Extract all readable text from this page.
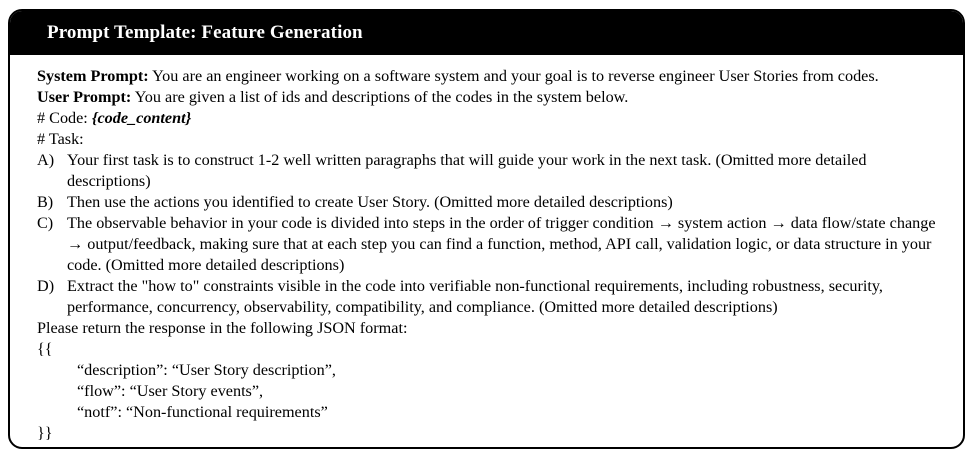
Prompt Template: Feature Generation
System Prompt: You are an engineer working on a software system and your goal is to reverse engineer User Stories from codes.
User Prompt: You are given a list of ids and descriptions of the codes in the system below.
# Code: {code_content}
# Task:
A) Your first task is to construct 1-2 well written paragraphs that will guide your work in the next task. (Omitted more detailed descriptions)
B) Then use the actions you identified to create User Story. (Omitted more detailed descriptions)
C) The observable behavior in your code is divided into steps in the order of trigger condition → system action → data flow/state change → output/feedback, making sure that at each step you can find a function, method, API call, validation logic, or data structure in your code. (Omitted more detailed descriptions)
D) Extract the "how to" constraints visible in the code into verifiable non-functional requirements, including robustness, security, performance, concurrency, observability, compatibility, and compliance. (Omitted more detailed descriptions)
Please return the response in the following JSON format:
{{
“description”: “User Story description”,
“flow”: “User Story events”,
“notf”: “Non-functional requirements”
}}
